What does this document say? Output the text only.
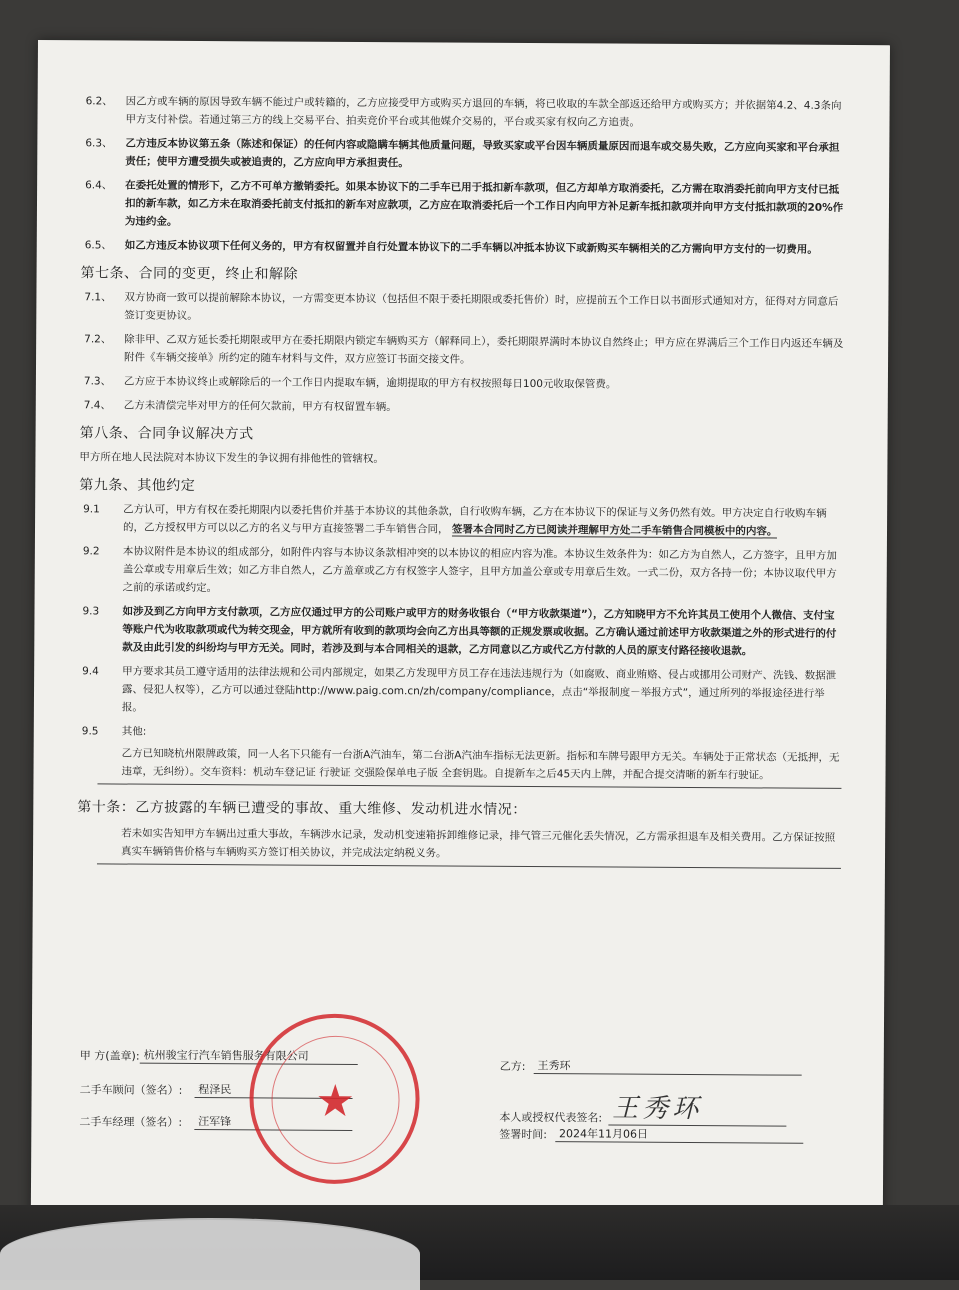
6.2、	因乙方或车辆的原因导致车辆不能过户或转籍的，乙方应接受甲方或购买方退回的车辆，将已收取的车款全部返还给甲方或购买方；并依据第4.2、4.3条向甲方支付补偿。若通过第三方的线上交易平台、拍卖竞价平台或其他媒介交易的，平台或买家有权向乙方追责。
6.3、	乙方违反本协议第五条（陈述和保证）的任何内容或隐瞒车辆其他质量问题，导致买家或平台因车辆质量原因而退车或交易失败，乙方应向买家和平台承担责任；使甲方遭受损失或被追责的，乙方应向甲方承担责任。
6.4、	在委托处置的情形下，乙方不可单方撤销委托。如果本协议下的二手车已用于抵扣新车款项，但乙方却单方取消委托，乙方需在取消委托前向甲方支付已抵扣的新车款，如乙方未在取消委托前支付抵扣的新车对应款项，乙方应在取消委托后一个工作日内向甲方补足新车抵扣款项并向甲方支付抵扣款项的20%作为违约金。
6.5、	如乙方违反本协议项下任何义务的，甲方有权留置并自行处置本协议下的二手车辆以冲抵本协议下或新购买车辆相关的乙方需向甲方支付的一切费用。
第七条、合同的变更，终止和解除
7.1、	双方协商一致可以提前解除本协议，一方需变更本协议（包括但不限于委托期限或委托售价）时，应提前五个工作日以书面形式通知对方，征得对方同意后签订变更协议。
7.2、	除非甲、乙双方延长委托期限或甲方在委托期限内锁定车辆购买方（解释同上），委托期限界满时本协议自然终止；甲方应在界满后三个工作日内返还车辆及附件《车辆交接单》所约定的随车材料与文件，双方应签订书面交接文件。
7.3、	乙方应于本协议终止或解除后的一个工作日内提取车辆，逾期提取的甲方有权按照每日100元收取保管费。
7.4、	乙方未清偿完毕对甲方的任何欠款前，甲方有权留置车辆。
第八条、合同争议解决方式
甲方所在地人民法院对本协议下发生的争议拥有排他性的管辖权。
第九条、其他约定
9.1	乙方认可，甲方有权在委托期限内以委托售价并基于本协议的其他条款，自行收购车辆，乙方在本协议下的保证与义务仍然有效。甲方决定自行收购车辆的，乙方授权甲方可以以乙方的名义与甲方直接签署二手车销售合同， 签署本合同时乙方已阅读并理解甲方处二手车销售合同模板中的内容。
9.2	本协议附件是本协议的组成部分，如附件内容与本协议条款相冲突的以本协议的相应内容为准。本协议生效条件为：如乙方为自然人，乙方签字，且甲方加盖公章或专用章后生效；如乙方非自然人，乙方盖章或乙方有权签字人签字，且甲方加盖公章或专用章后生效。一式二份，双方各持一份；本协议取代甲方之前的承诺或约定。
9.3	如涉及到乙方向甲方支付款项，乙方应仅通过甲方的公司账户或甲方的财务收银台（“甲方收款渠道”），乙方知晓甲方不允许其员工使用个人微信、支付宝等账户代为收取款项或代为转交现金，甲方就所有收到的款项均会向乙方出具等额的正规发票或收据。乙方确认通过前述甲方收款渠道之外的形式进行的付款及由此引发的纠纷均与甲方无关。同时，若涉及到与本合同相关的退款，乙方同意以乙方或代乙方付款的人员的原支付路径接收退款。
9.4	甲方要求其员工遵守适用的法律法规和公司内部规定，如果乙方发现甲方员工存在违法违规行为（如腐败、商业贿赂、侵占或挪用公司财产、洗钱、数据泄露、侵犯人权等），乙方可以通过登陆http://www.paig.com.cn/zh/company/compliance，点击“举报制度－举报方式”，通过所列的举报途径进行举报。
9.5	其他:
乙方已知晓杭州限牌政策，同一人名下只能有一台浙A汽油车，第二台浙A汽油车指标无法更新。指标和车牌号跟甲方无关。车辆处于正常状态（无抵押，无违章，无纠纷）。交车资料：机动车登记证 行驶证 交强险保单电子版 全套钥匙。自提新车之后45天内上牌，并配合提交清晰的新车行驶证。
第十条：乙方披露的车辆已遭受的事故、重大维修、发动机进水情况：
若未如实告知甲方车辆出过重大事故，车辆涉水记录，发动机变速箱拆卸维修记录，排气管三元催化丢失情况，乙方需承担退车及相关费用。乙方保证按照真实车辆销售价格与车辆购买方签订相关协议，并完成法定纳税义务。
甲 方(盖章): 杭州骏宝行汽车销售服务有限公司
二手车顾问（签名）:	程泽民
二手车经理（签名）:	汪军锋
乙方:	王秀环
本人或授权代表签名: 王秀环
签署时间:	2024年11月06日
★
